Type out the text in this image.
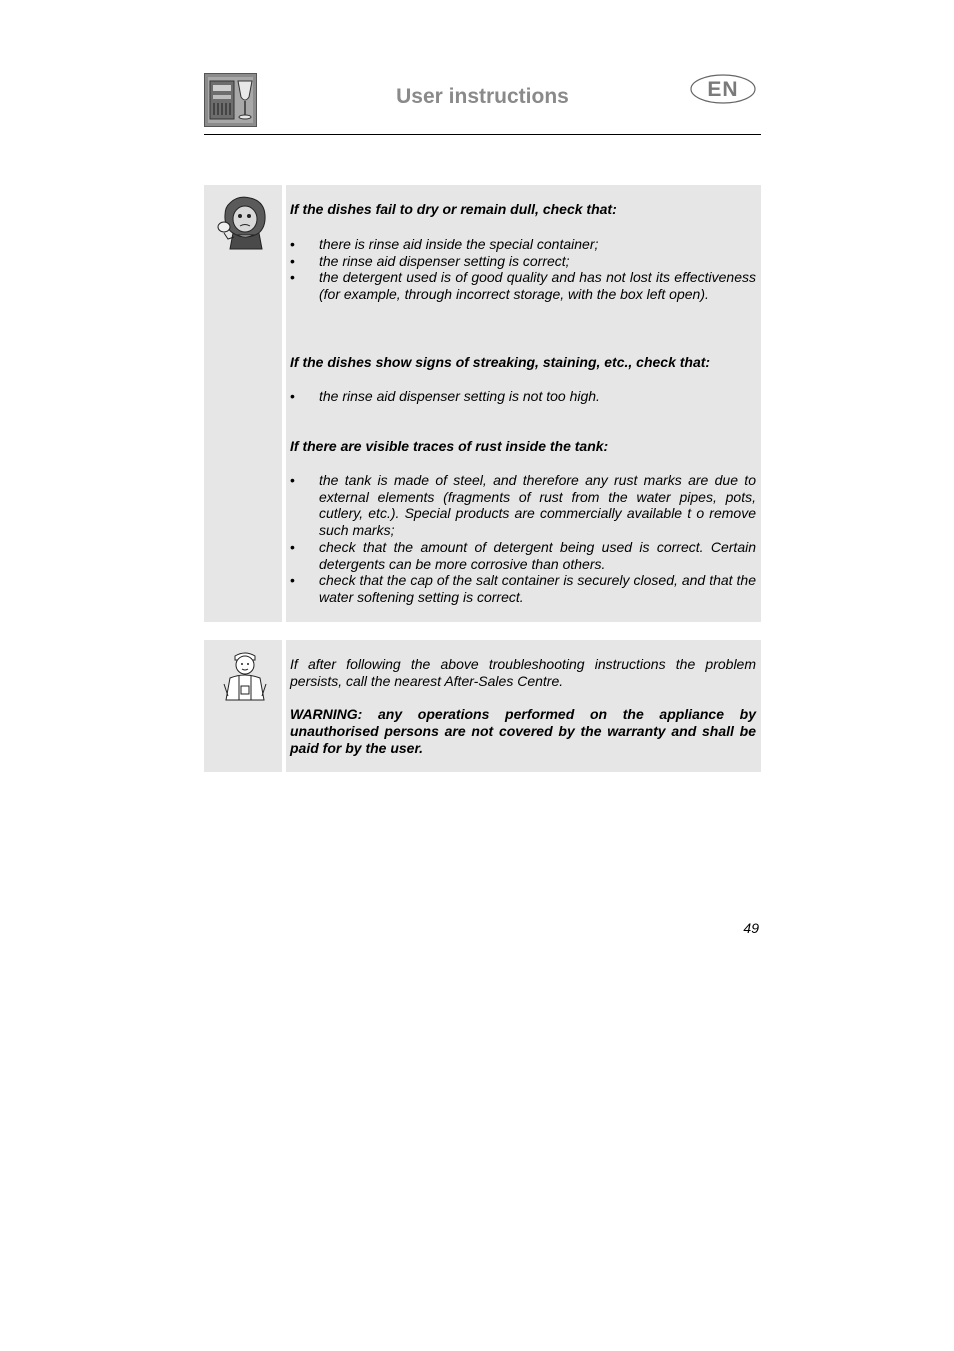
User instructions	EN

If the dishes fail to dry or remain dull, check that:

• there is rinse aid inside the special container;
• the rinse aid dispenser setting is correct;
• the detergent used is of good quality and has not lost its effectiveness (for example, through incorrect storage, with the box left open).

If the dishes show signs of streaking, staining, etc., check that:

• the rinse aid dispenser setting is not too high.

If there are visible traces of rust inside the tank:

• the tank is made of steel, and therefore any rust marks are due to external elements (fragments of rust from the water pipes, pots, cutlery, etc.). Special products are commercially available t o remove such marks;
• check that the amount of detergent being used is correct. Certain detergents can be more corrosive than others.
• check that the cap of the salt container is securely closed, and that the water softening setting is correct.

If after following the above troubleshooting instructions the problem persists, call the nearest After-Sales Centre.

WARNING: any operations performed on the appliance by unauthorised persons are not covered by the warranty and shall be paid for by the user.

49
